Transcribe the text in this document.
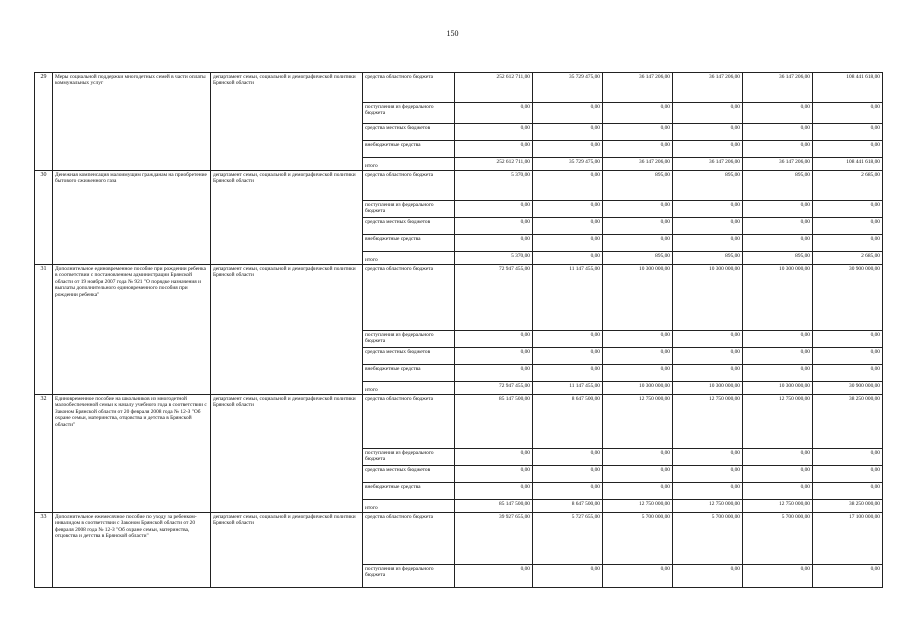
150
29	Меры социальной поддержки многодетных семей в части оплаты коммунальных услуг	департамент семьи, социальной и демографической политики Брянской области	средства областного бюджета	252 612 711,00	35 729 475,00	36 147 206,00	36 147 206,00	36 147 206,00	108 441 618,00
			поступления из федерального бюджета	0,00	0,00	0,00	0,00	0,00	0,00
			средства местных бюджетов	0,00	0,00	0,00	0,00	0,00	0,00
			внебюджетные средства	0,00	0,00	0,00	0,00	0,00	0,00
			итого	252 612 711,00	35 729 475,00	36 147 206,00	36 147 206,00	36 147 206,00	108 441 618,00
30	Денежная компенсация малоимущим гражданам на приобретение бытового сжиженного газа	департамент семьи, социальной и демографической политики Брянской области	средства областного бюджета	5 370,00	0,00	895,00	895,00	895,00	2 685,00
			поступления из федерального бюджета	0,00	0,00	0,00	0,00	0,00	0,00
			средства местных бюджетов	0,00	0,00	0,00	0,00	0,00	0,00
			внебюджетные средства	0,00	0,00	0,00	0,00	0,00	0,00
			итого	5 370,00	0,00	895,00	895,00	895,00	2 685,00
31	Дополнительное единовременное пособие при рождении ребенка в соответствии с постановлением администрации Брянской области от 19 ноября 2007 года № 921 "О порядке назначения и выплаты дополнительного единовременного пособия при рождении ребенка"	департамент семьи, социальной и демографической политики Брянской области	средства областного бюджета	72 947 455,00	11 147 455,00	10 300 000,00	10 300 000,00	10 300 000,00	30 900 000,00
			поступления из федерального бюджета	0,00	0,00	0,00	0,00	0,00	0,00
			средства местных бюджетов	0,00	0,00	0,00	0,00	0,00	0,00
			внебюджетные средства	0,00	0,00	0,00	0,00	0,00	0,00
			итого	72 947 455,00	11 147 455,00	10 300 000,00	10 300 000,00	10 300 000,00	30 900 000,00
32	Единовременное пособие на школьников из многодетной малообеспеченной семьи к началу учебного года в соответствии с Законом Брянской области от 20 февраля 2008 года № 12-З "Об охране семьи, материнства, отцовства и детства в Брянской области"	департамент семьи, социальной и демографической политики Брянской области	средства областного бюджета	85 147 500,00	8 647 500,00	12 750 000,00	12 750 000,00	12 750 000,00	38 250 000,00
			поступления из федерального бюджета	0,00	0,00	0,00	0,00	0,00	0,00
			средства местных бюджетов	0,00	0,00	0,00	0,00	0,00	0,00
			внебюджетные средства	0,00	0,00	0,00	0,00	0,00	0,00
			итого	85 147 500,00	8 647 500,00	12 750 000,00	12 750 000,00	12 750 000,00	38 250 000,00
33	Дополнительное ежемесячное пособие по уходу за ребенком-инвалидом в соответствии с Законом Брянской области от 20 февраля 2008 года № 12-З "Об охране семьи, материнства, отцовства и детства в Брянской области"	департамент семьи, социальной и демографической политики Брянской области	средства областного бюджета	39 927 655,00	5 727 655,00	5 700 000,00	5 700 000,00	5 700 000,00	17 100 000,00
			поступления из федерального бюджета	0,00	0,00	0,00	0,00	0,00	0,00
